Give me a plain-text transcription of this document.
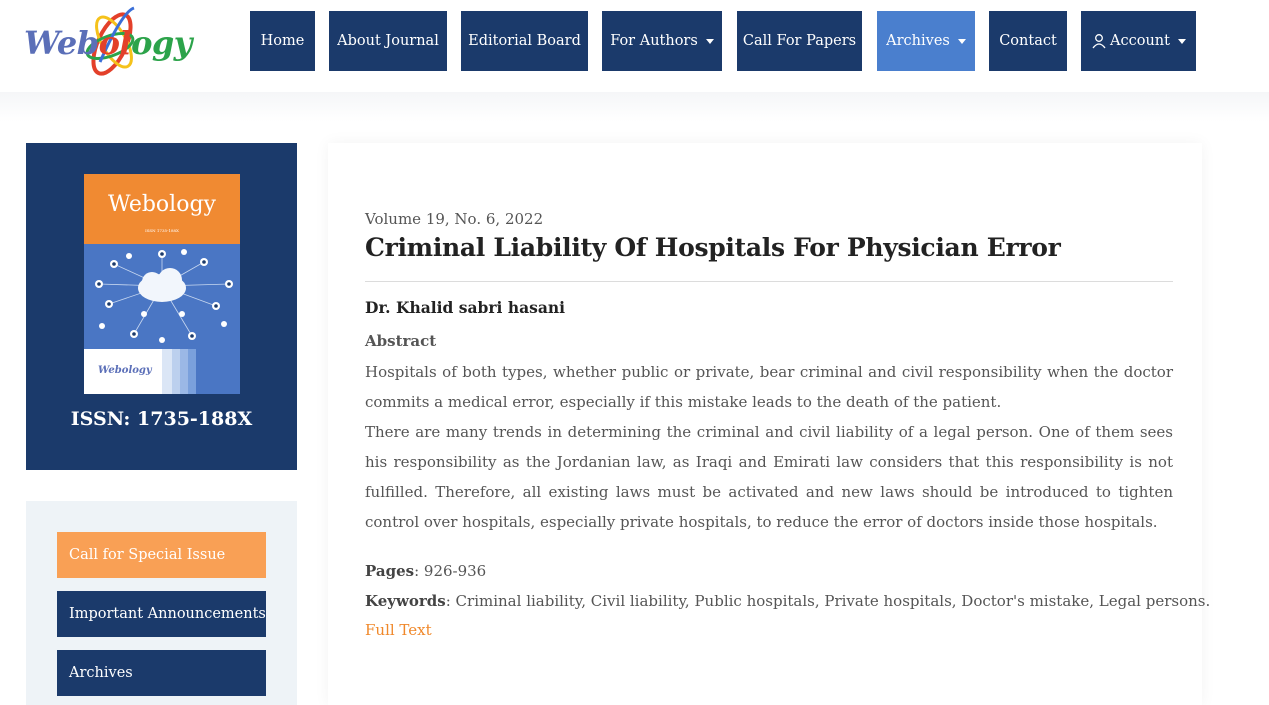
Webology	Home About Journal Editorial Board For Authors	Call For Papers Archives	Contact	Account
Webology
ISSN 1735-188X
Webology
ISSN: 1735-188X
Call for Special Issue
Important Announcements
Archives
Volume 19, No. 6, 2022
Criminal Liability Of Hospitals For Physician Error
Dr. Khalid sabri hasani
Abstract
Hospitals of both types, whether public or private, bear criminal and civil responsibility when the doctor commits a medical error, especially if this mistake leads to the death of the patient.
There are many trends in determining the criminal and civil liability of a legal person. One of them sees his responsibility as the Jordanian law, as Iraqi and Emirati law considers that this responsibility is not fulfilled. Therefore, all existing laws must be activated and new laws should be introduced to tighten control over hospitals, especially private hospitals, to reduce the error of doctors inside those hospitals.
Pages: 926-936
Keywords: Criminal liability, Civil liability, Public hospitals, Private hospitals, Doctor's mistake, Legal persons.
Full Text
